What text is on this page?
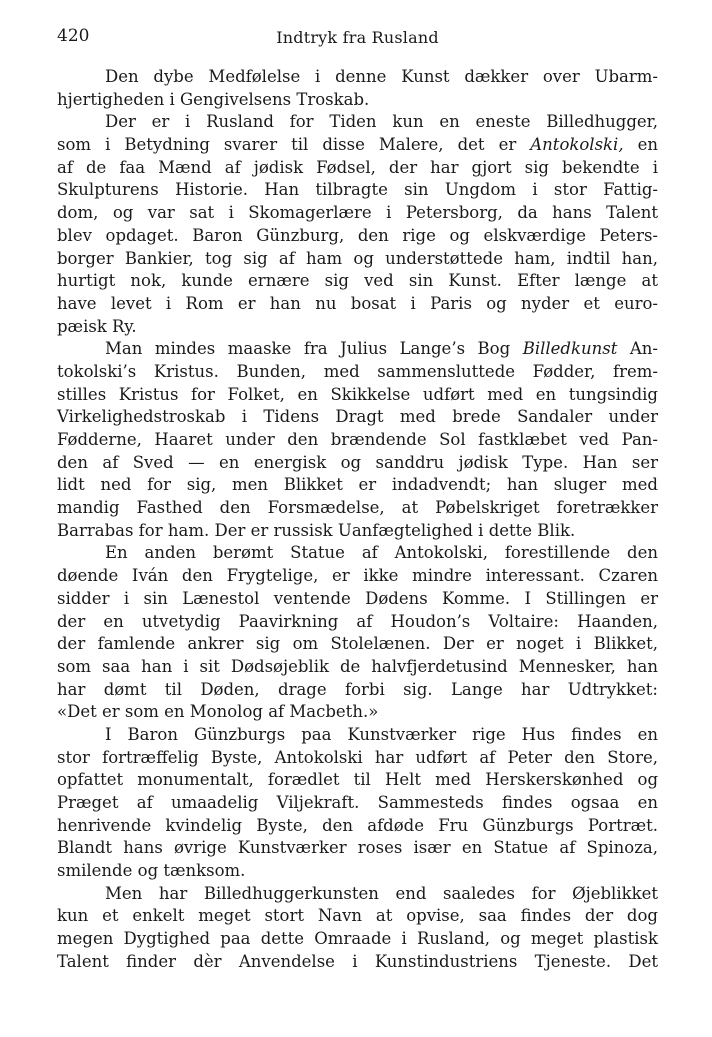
420	Indtryk fra Rusland
Den dybe Medfølelse i denne Kunst dækker over Ubarm-
hjertigheden i Gengivelsens Troskab.
Der er i Rusland for Tiden kun en eneste Billedhugger,
som i Betydning svarer til disse Malere, det er Antokolski, en
af de faa Mænd af jødisk Fødsel, der har gjort sig bekendte i
Skulpturens Historie. Han tilbragte sin Ungdom i stor Fattig-
dom, og var sat i Skomagerlære i Petersborg, da hans Talent
blev opdaget. Baron Günzburg, den rige og elskværdige Peters-
borger Bankier, tog sig af ham og understøttede ham, indtil han,
hurtigt nok, kunde ernære sig ved sin Kunst. Efter længe at
have levet i Rom er han nu bosat i Paris og nyder et euro-
pæisk Ry.
Man mindes maaske fra Julius Lange’s Bog Billedkunst An-
tokolski’s Kristus. Bunden, med sammensluttede Fødder, frem-
stilles Kristus for Folket, en Skikkelse udført med en tungsindig
Virkelighedstroskab i Tidens Dragt med brede Sandaler under
Fødderne, Haaret under den brændende Sol fastklæbet ved Pan-
den af Sved — en energisk og sanddru jødisk Type. Han ser
lidt ned for sig, men Blikket er indadvendt; han sluger med
mandig Fasthed den Forsmædelse, at Pøbelskriget foretrækker
Barrabas for ham. Der er russisk Uanfægtelighed i dette Blik.
En anden berømt Statue af Antokolski, forestillende den
døende Iván den Frygtelige, er ikke mindre interessant. Czaren
sidder i sin Lænestol ventende Dødens Komme. I Stillingen er
der en utvetydig Paavirkning af Houdon’s Voltaire: Haanden,
der famlende ankrer sig om Stolelænen. Der er noget i Blikket,
som saa han i sit Dødsøjeblik de halvfjerdetusind Mennesker, han
har dømt til Døden, drage forbi sig. Lange har Udtrykket:
«Det er som en Monolog af Macbeth.»
I Baron Günzburgs paa Kunstværker rige Hus findes en
stor fortræffelig Byste, Antokolski har udført af Peter den Store,
opfattet monumentalt, forædlet til Helt med Herskerskønhed og
Præget af umaadelig Viljekraft. Sammesteds findes ogsaa en
henrivende kvindelig Byste, den afdøde Fru Günzburgs Portræt.
Blandt hans øvrige Kunstværker roses især en Statue af Spinoza,
smilende og tænksom.
Men har Billedhuggerkunsten end saaledes for Øjeblikket
kun et enkelt meget stort Navn at opvise, saa findes der dog
megen Dygtighed paa dette Omraade i Rusland, og meget plastisk
Talent finder dèr Anvendelse i Kunstindustriens Tjeneste. Det
